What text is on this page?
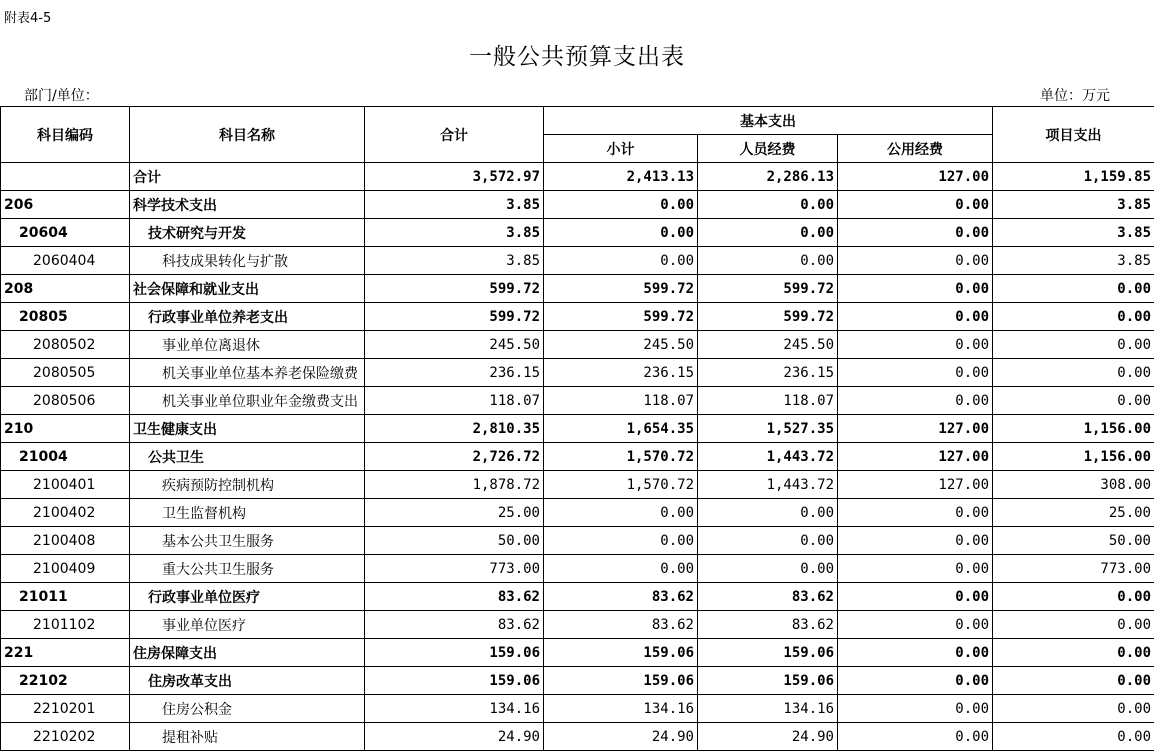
附表4-5
一般公共预算支出表
部门/单位：	单位：万元
科目编码	科目名称	合计	基本支出			项目支出
			小计	人员经费	公用经费	
	合计	3,572.97	2,413.13	2,286.13	127.00	1,159.85
206	科学技术支出	3.85	0.00	0.00	0.00	3.85
20604	技术研究与开发	3.85	0.00	0.00	0.00	3.85
2060404	科技成果转化与扩散	3.85	0.00	0.00	0.00	3.85
208	社会保障和就业支出	599.72	599.72	599.72	0.00	0.00
20805	行政事业单位养老支出	599.72	599.72	599.72	0.00	0.00
2080502	事业单位离退休	245.50	245.50	245.50	0.00	0.00
2080505	机关事业单位基本养老保险缴费	236.15	236.15	236.15	0.00	0.00
2080506	机关事业单位职业年金缴费支出	118.07	118.07	118.07	0.00	0.00
210	卫生健康支出	2,810.35	1,654.35	1,527.35	127.00	1,156.00
21004	公共卫生	2,726.72	1,570.72	1,443.72	127.00	1,156.00
2100401	疾病预防控制机构	1,878.72	1,570.72	1,443.72	127.00	308.00
2100402	卫生监督机构	25.00	0.00	0.00	0.00	25.00
2100408	基本公共卫生服务	50.00	0.00	0.00	0.00	50.00
2100409	重大公共卫生服务	773.00	0.00	0.00	0.00	773.00
21011	行政事业单位医疗	83.62	83.62	83.62	0.00	0.00
2101102	事业单位医疗	83.62	83.62	83.62	0.00	0.00
221	住房保障支出	159.06	159.06	159.06	0.00	0.00
22102	住房改革支出	159.06	159.06	159.06	0.00	0.00
2210201	住房公积金	134.16	134.16	134.16	0.00	0.00
2210202	提租补贴	24.90	24.90	24.90	0.00	0.00
